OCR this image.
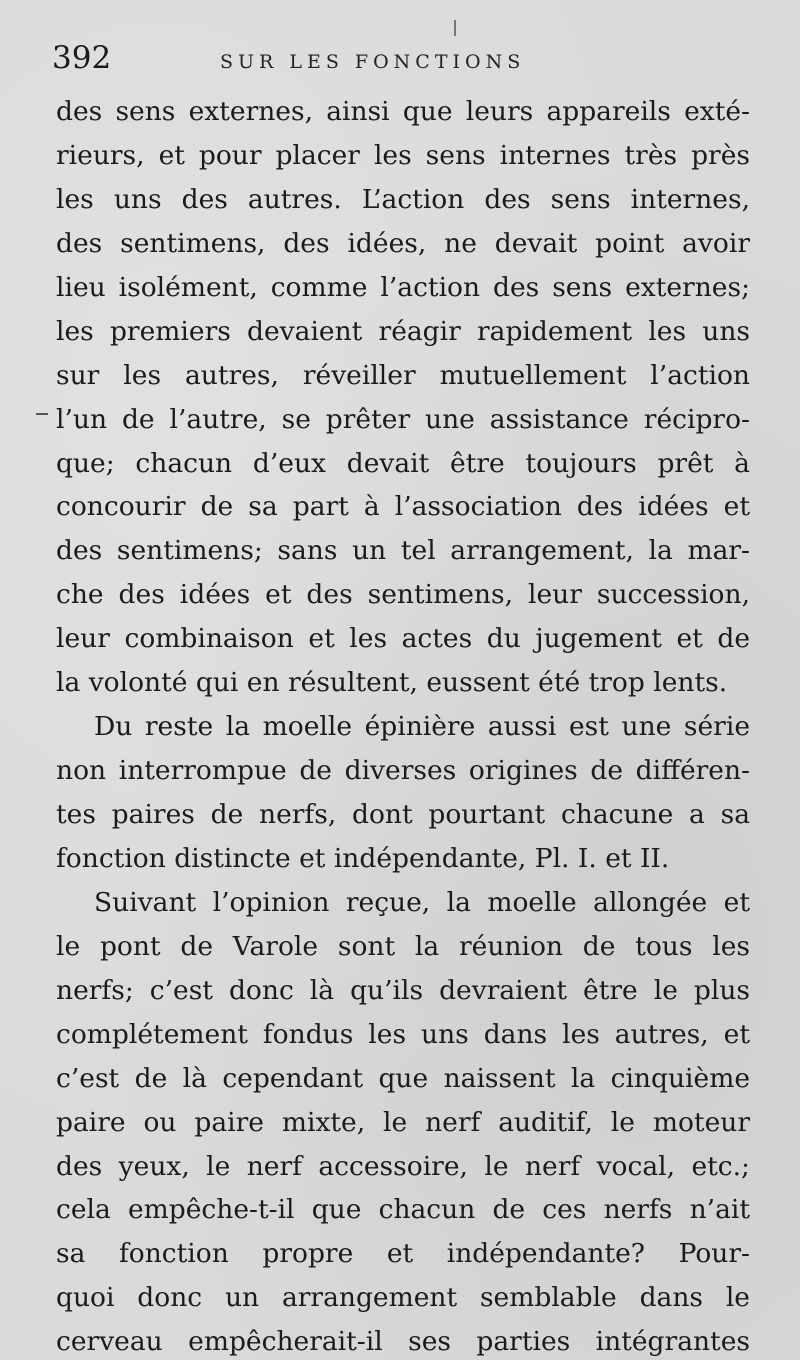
392	SUR LES FONCTIONS
des sens externes, ainsi que leurs appareils exté-
rieurs, et pour placer les sens internes très près
les uns des autres. L’action des sens internes,
des sentimens, des idées, ne devait point avoir
lieu isolément, comme l’action des sens externes;
les premiers devaient réagir rapidement les uns
sur les autres, réveiller mutuellement l’action
l’un de l’autre, se prêter une assistance récipro-
que; chacun d’eux devait être toujours prêt à
concourir de sa part à l’association des idées et
des sentimens; sans un tel arrangement, la mar-
che des idées et des sentimens, leur succession,
leur combinaison et les actes du jugement et de
la volonté qui en résultent, eussent été trop lents.
Du reste la moelle épinière aussi est une série
non interrompue de diverses origines de différen-
tes paires de nerfs, dont pourtant chacune a sa
fonction distincte et indépendante, Pl. I. et II.
Suivant l’opinion reçue, la moelle allongée et
le pont de Varole sont la réunion de tous les
nerfs; c’est donc là qu’ils devraient être le plus
complétement fondus les uns dans les autres, et
c’est de là cependant que naissent la cinquième
paire ou paire mixte, le nerf auditif, le moteur
des yeux, le nerf accessoire, le nerf vocal, etc.;
cela empêche-t-il que chacun de ces nerfs n’ait
sa fonction propre et indépendante? Pour-
quoi donc un arrangement semblable dans le
cerveau empêcherait-il ses parties intégrantes
